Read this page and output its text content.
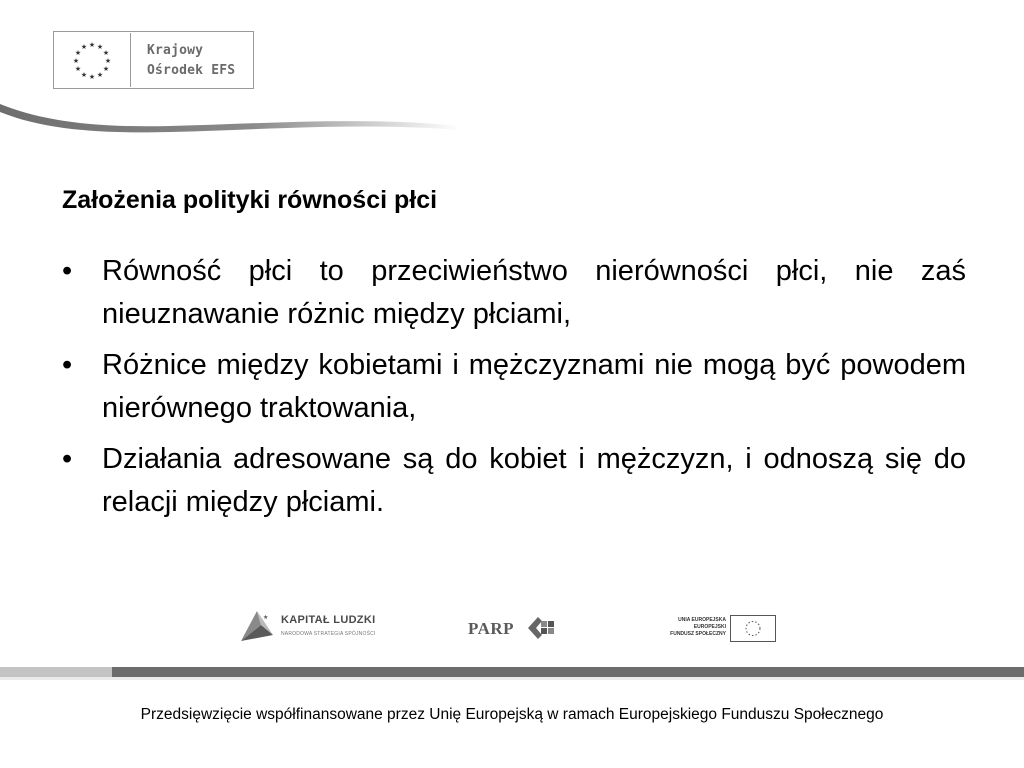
★ ★
★
★
★
★
★
★
★
★
★
★	Krajowy
Ośrodek EFS
Założenia polityki równości płci
•	Równość płci to przeciwieństwo nierówności płci, nie zaś nieuznawanie różnic między płciami,
•	Różnice między kobietami i mężczyznami nie mogą być powodem nierównego traktowania,
•	Działania adresowane są do kobiet i mężczyzn, i odnoszą się do relacji między płciami.
★ KAPITAŁ LUDZKI
NARODOWA STRATEGIA SPÓJNOŚCI	PARP	UNIA EUROPEJSKA
EUROPEJSKI
FUNDUSZ SPOŁECZNY
Przedsięwzięcie współfinansowane przez Unię Europejską w ramach Europejskiego Funduszu Społecznego
